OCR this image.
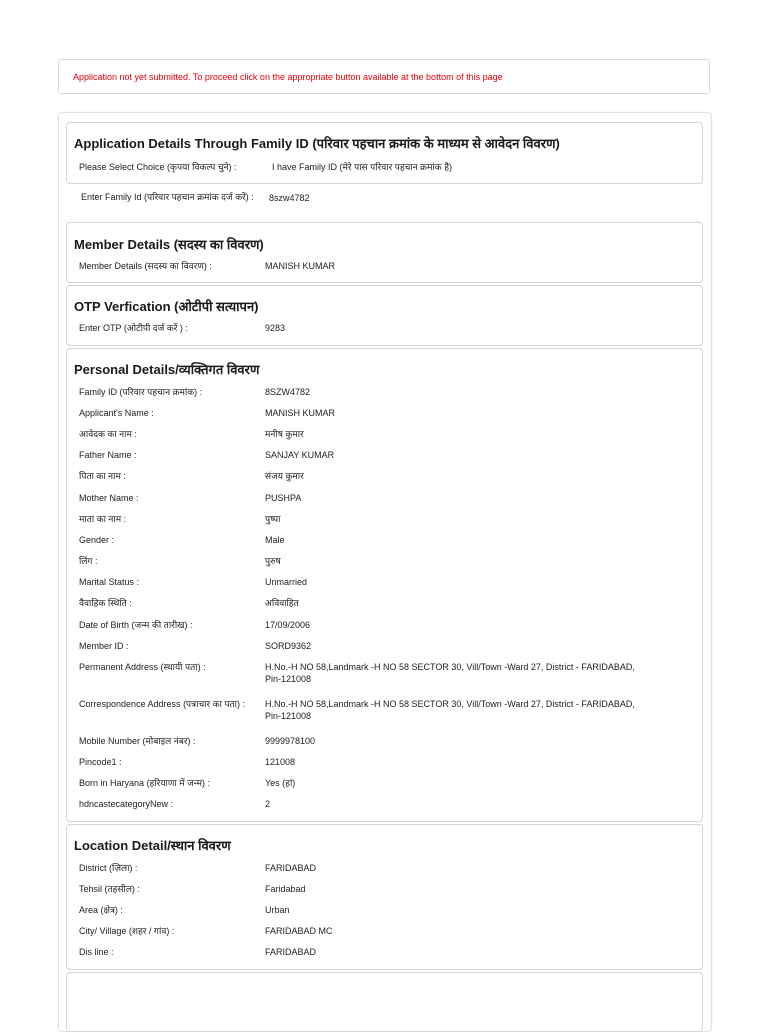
Application not yet submitted. To proceed click on the appropriate button available at the bottom of this page
Application Details Through Family ID (परिवार पहचान क्रमांक के माध्यम से आवेदन विवरण)
Please Select Choice (कृपया विकल्प चुने) :	I have Family ID (मेरे पास परिवार पहचान क्रमांक है)
Enter Family Id (परिवार पहचान क्रमांक दर्ज करें) :	8szw4782
Member Details (सदस्य का विवरण)
Member Details (सदस्य का विवरण) :	MANISH KUMAR
OTP Verfication (ओटीपी सत्यापन)
Enter OTP (ओटीपी दर्ज करें ) :	9283
Personal Details/व्यक्तिगत विवरण
Family ID (परिवार पहचान क्रमांक) :	8SZW4782
Applicant's Name :	MANISH KUMAR
आवेदक का नाम :	मनीष कुमार
Father Name :	SANJAY KUMAR
पिता का नाम :	संजय कुमार
Mother Name :	PUSHPA
माता का नाम :	पुष्पा
Gender :	Male
लिंग :	पुरुष
Marital Status :	Unmarried
वैवाहिक स्थिति :	अविवाहित
Date of Birth (जन्म की तारीख) :	17/09/2006
Member ID :	SORD9362
Permanent Address (स्थायी पता) :	H.No.-H NO 58,Landmark -H NO 58 SECTOR 30, Vill/Town -Ward 27, District - FARIDABAD, Pin-121008
Correspondence Address (पत्राचार का पता) :	H.No.-H NO 58,Landmark -H NO 58 SECTOR 30, Vill/Town -Ward 27, District - FARIDABAD, Pin-121008
Mobile Number (मोबाइल नंबर) :	9999978100
Pincode1 :	121008
Born in Haryana (हरियाणा में जन्म) :	Yes (हां)
hdncastecategoryNew :	2
Location Detail/स्थान विवरण
District (ज़िला) :	FARIDABAD
Tehsil (तहसील) :	Faridabad
Area (क्षेत्र) :	Urban
City/ Village (शहर / गांव) :	FARIDABAD MC
Dis line :	FARIDABAD
